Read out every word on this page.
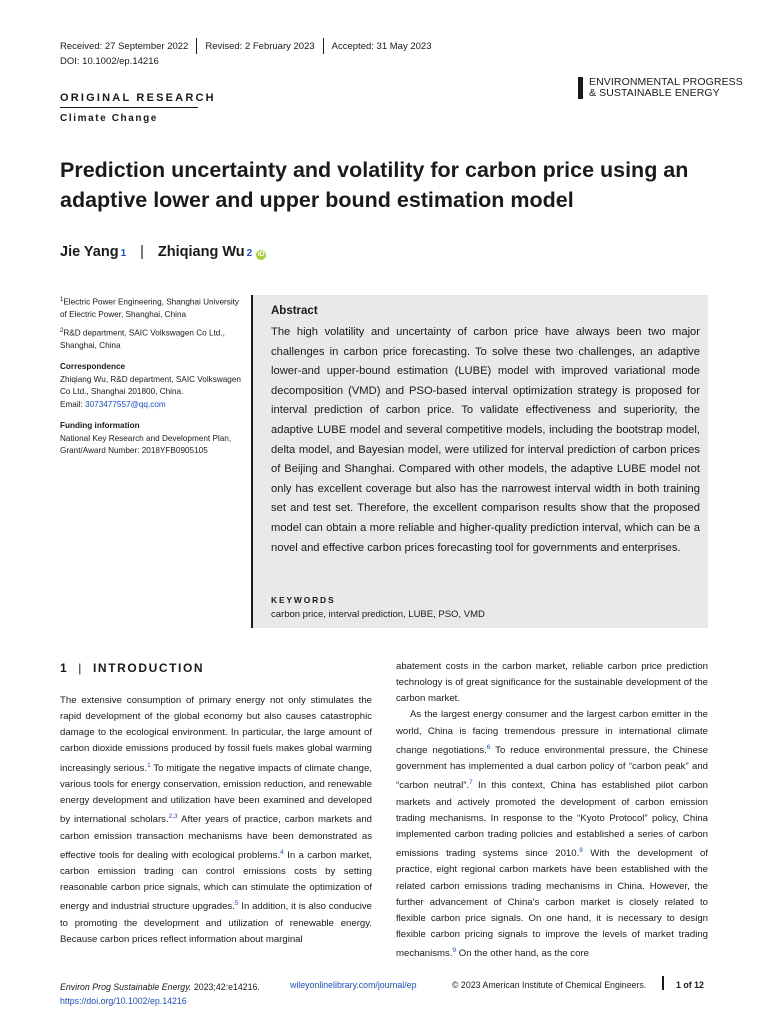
Received: 27 September 2022 Revised: 2 February 2023 Accepted: 31 May 2023
DOI: 10.1002/ep.14216
ENVIRONMENTAL PROGRESS
& SUSTAINABLE ENERGY
ORIGINAL RESEARCH
Climate Change
Prediction uncertainty and volatility for carbon price using an adaptive lower and upper bound estimation model
Jie Yang 1 | Zhiqiang Wu 2 iD

$^1$Electric Power Engineering, Shanghai University of Electric Power, Shanghai, China

$^2$R&D department, SAIC Volkswagen Co Ltd., Shanghai, China

Correspondence
Zhiqiang Wu, R&D department, SAIC Volkswagen Co Ltd., Shanghai 201800, China.
Email: 3073477557@qq.com
Funding information
National Key Research and Development Plan, Grant/Award Number: 2018YFB0905105
Abstract
The high volatility and uncertainty of carbon price have always been two major challenges in carbon price forecasting. To solve these two challenges, an adaptive lower-and upper-bound estimation (LUBE) model with improved variational mode decomposition (VMD) and PSO-based interval optimization strategy is proposed for interval prediction of carbon price. To validate effectiveness and superiority, the adaptive LUBE model and several competitive models, including the bootstrap model, delta model, and Bayesian model, were utilized for interval prediction of carbon prices of Beijing and Shanghai. Compared with other models, the adaptive LUBE model not only has excellent coverage but also has the narrowest interval width in both training set and test set. Therefore, the excellent comparison results show that the proposed model can obtain a more reliable and higher-quality prediction interval, which can be a novel and effective carbon prices forecasting tool for governments and enterprises.
KEYWORDS
carbon price, interval prediction, LUBE, PSO, VMD
1 | INTRODUCTION

The extensive consumption of primary energy not only stimulates the rapid development of the global economy but also causes catastrophic damage to the ecological environment. In particular, the large amount of carbon dioxide emissions produced by fossil fuels makes global warming increasingly serious.$^1$ To mitigate the negative impacts of climate change, various tools for energy conservation, emission reduction, and renewable energy development and utilization have been examined and developed by international scholars.$^{2,3}$ After years of practice, carbon markets and carbon emission transaction mechanisms have been demonstrated as effective tools for dealing with ecological problems.$^4$ In a carbon market, carbon emission trading can control emissions costs by setting reasonable carbon price signals, which can stimulate the optimization of energy and industrial structure upgrades.$^5$ In addition, it is also conducive to promoting the development and utilization of renewable energy. Because carbon prices reflect information about marginal

abatement costs in the carbon market, reliable carbon price prediction technology is of great significance for the sustainable development of the carbon market.

As the largest energy consumer and the largest carbon emitter in the world, China is facing tremendous pressure in international climate change negotiations.$^6$ To reduce environmental pressure, the Chinese government has implemented a dual carbon policy of “carbon peak” and “carbon neutral”.$^7$ In this context, China has established pilot carbon markets and actively promoted the development of carbon emission trading mechanisms. In response to the “Kyoto Protocol” policy, China implemented carbon trading policies and established a series of carbon emissions trading systems since 2010.$^8$ With the development of practice, eight regional carbon markets have been established with the related carbon emissions trading mechanisms in China. However, the further advancement of China's carbon market is closely related to flexible carbon price signals. On one hand, it is necessary to design flexible carbon pricing signals to improve the levels of market trading mechanisms.$^9$ On the other hand, as the core

Environ Prog Sustainable Energy. 2023;42:e14216.
https://doi.org/10.1002/ep.14216
wileyonlinelibrary.com/journal/ep	© 2023 American Institute of Chemical Engineers.	1 of 12
